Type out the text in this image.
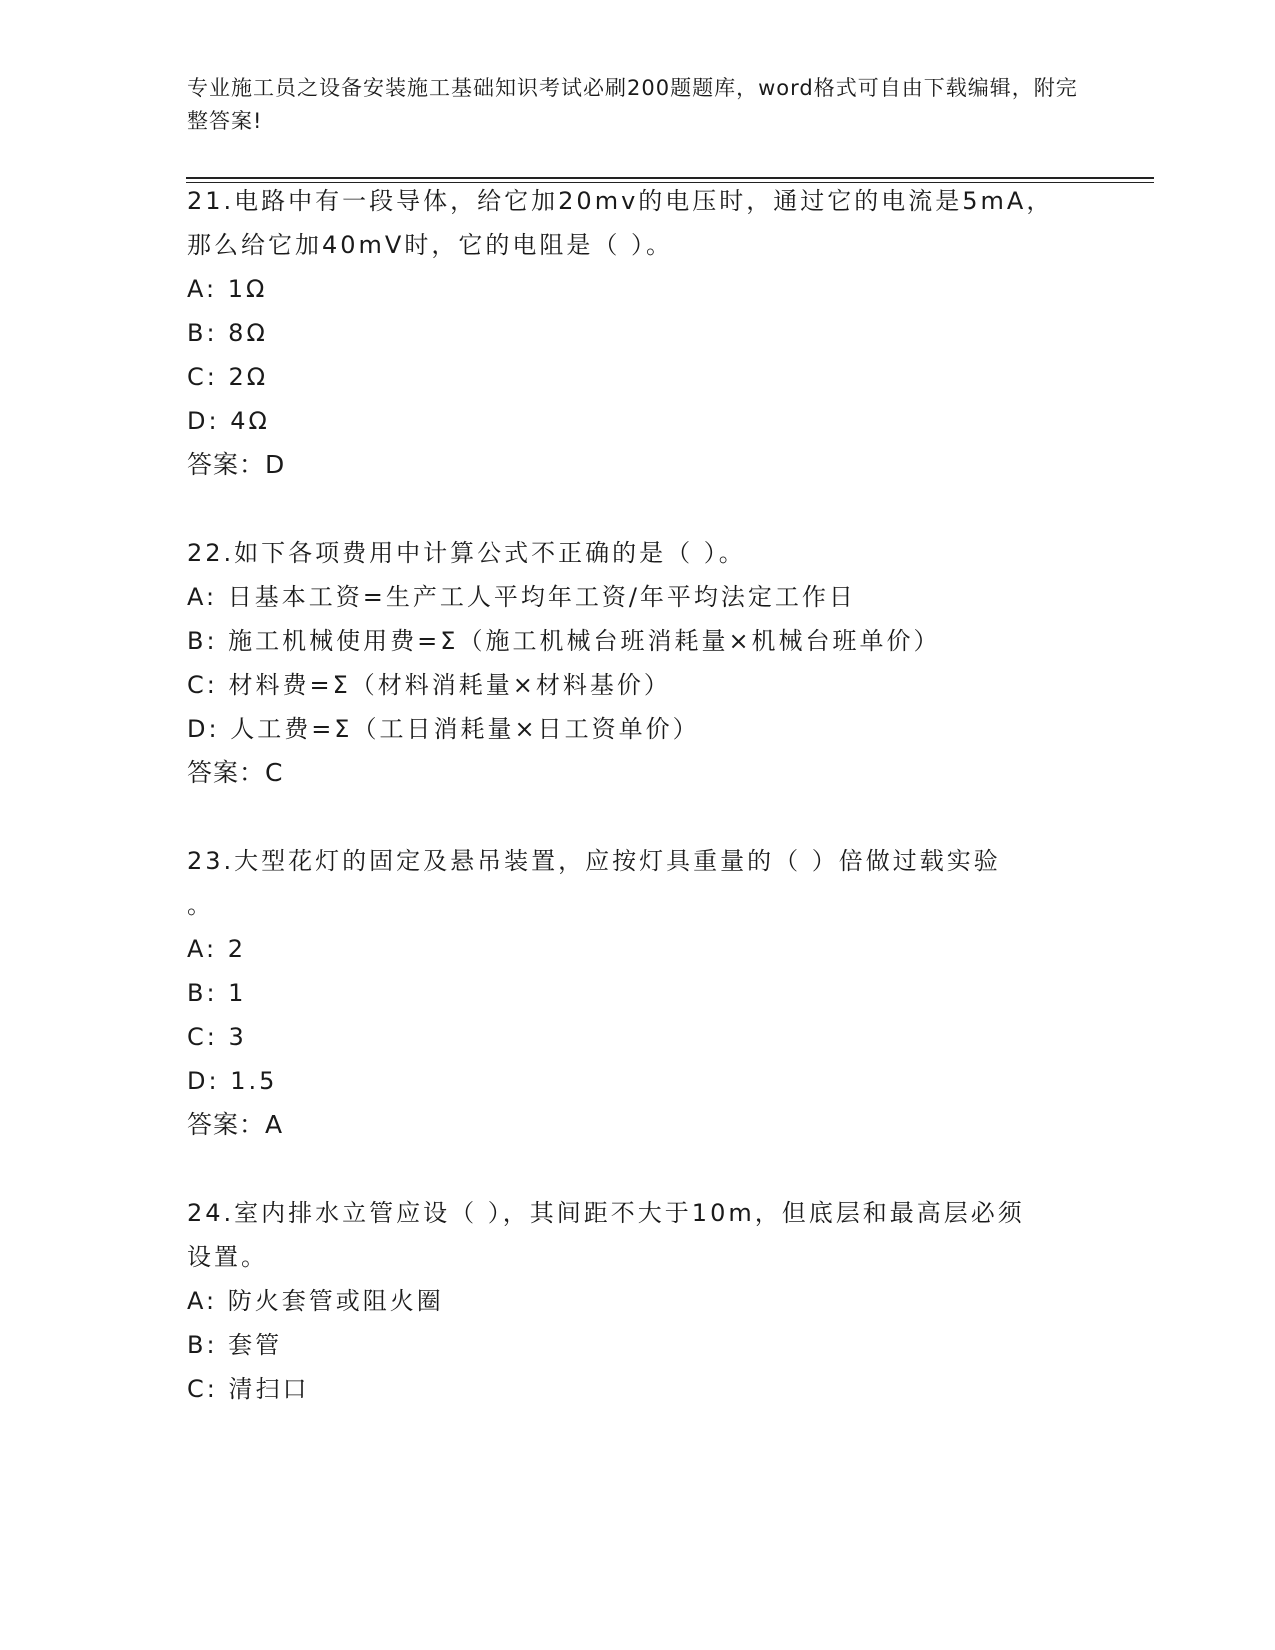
专业施工员之设备安装施工基础知识考试必刷200题题库，word格式可自由下载编辑，附完整答案!
21.电路中有一段导体，给它加20mv的电压时，通过它的电流是5mA，
那么给它加40mV时，它的电阻是（ ）。
A: 1Ω
B: 8Ω
C: 2Ω
D: 4Ω
答案：D
22.如下各项费用中计算公式不正确的是（ ）。
A: 日基本工资=生产工人平均年工资/年平均法定工作日
B: 施工机械使用费=Σ（施工机械台班消耗量×机械台班单价）
C: 材料费=Σ（材料消耗量×材料基价）
D: 人工费=Σ（工日消耗量×日工资单价）
答案：C
23.大型花灯的固定及悬吊装置，应按灯具重量的（ ）倍做过载实验
。
A: 2
B: 1
C: 3
D: 1.5
答案：A
24.室内排水立管应设（ ），其间距不大于10m，但底层和最高层必须
设置。
A: 防火套管或阻火圈
B: 套管
C: 清扫口
